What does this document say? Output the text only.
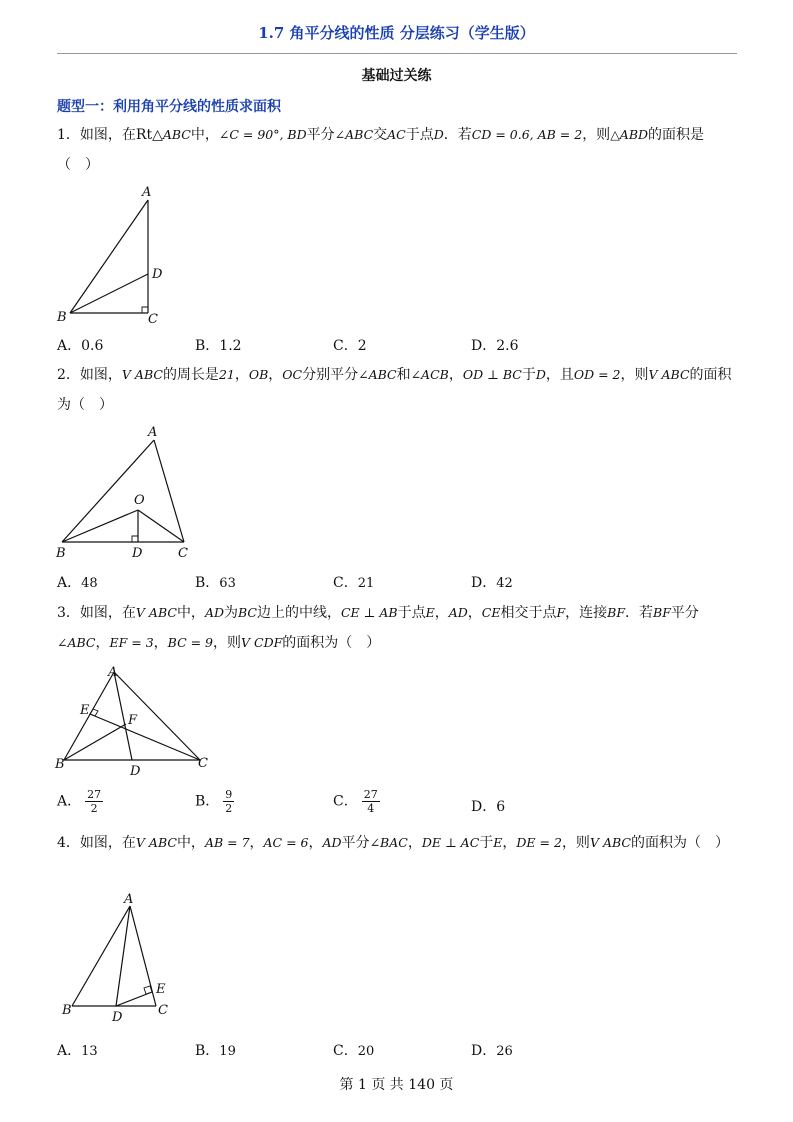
1.7 角平分线的性质 分层练习（学生版）
基础过关练
题型一：利用角平分线的性质求面积
1．如图，在Rt△ABC中，∠C = 90°, BD平分∠ABC交AC于点D．若CD = 0.6, AB = 2，则△ABD的面积是（　）
A
D
B	C
A．0.6	B．1.2	C．2	D．2.6
2．如图，V ABC的周长是21，OB，OC分别平分∠ABC和∠ACB，OD ⊥ BC于D，且OD = 2，则V ABC的面积为（　）
A
O
B	D	C
A．48	B．63	C．21	D．42
3．如图，在V ABC中，AD为BC边上的中线，CE ⊥ AB于点E，AD，CE相交于点F，连接BF．若BF平分∠ABC，EF = 3，BC = 9，则V CDF的面积为（　）
A
E
F
B	D
C
A． $\frac{27}{2}$	B． $\frac{9}{2}$	C． $\frac{27}{4}$	D．6
4．如图，在V ABC中，AB = 7，AC = 6，AD平分∠BAC，DE ⊥ AC于E，DE = 2，则V ABC的面积为（　）
A
E
B	D	C
A．13	B．19	C．20	D．26
第 1 页 共 140 页
